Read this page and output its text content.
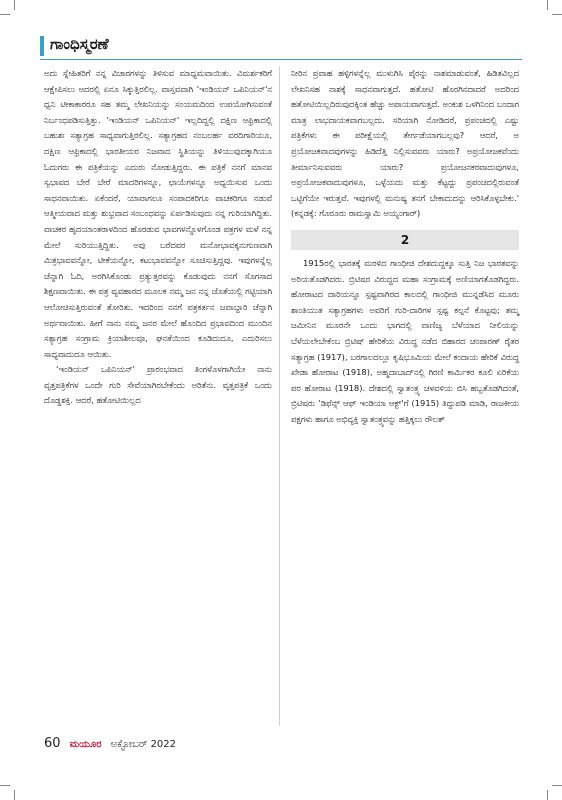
ಗಾಂಧಿಸ್ಮರಣೆ

ಅದು ಸ್ನೇಹಿತರಿಗೆ ನನ್ನ ವಿಚಾರಗಳನ್ನು ತಿಳಿಸುವ ಮಾಧ್ಯಮವಾಯಿತು. ವಿಮರ್ಶಕರಿಗೆ ಆಕ್ಷೇಪಿಸಲು ಅದರಲ್ಲಿ ಏನೂ ಸಿಕ್ಕುತ್ತಿರಲಿಲ್ಲ. ವಾಸ್ತವವಾಗಿ ‘ಇಂಡಿಯನ್ ಒಪಿನಿಯನ್'ನ ಧ್ವನಿ ಟೀಕಾಕಾರರೂ ಸಹ ತಮ್ಮ ಲೇಖನಿಯನ್ನು ಸಂಯಮದಿಂದ ಉಪಯೋಗಿಸುವಂತೆ ನಿರ್ಬಂಧಪಡಿಸುತ್ತಿತ್ತು. ‘ಇಂಡಿಯನ್ ಒಪಿನಿಯನ್' ಇಲ್ಲದಿದ್ದಲ್ಲಿ ದಕ್ಷಿಣ ಆಫ್ರಿಕಾದಲ್ಲಿ ಬಹುಶಃ ಸತ್ಯಾಗ್ರಹ ಸಾಧ್ಯವಾಗುತ್ತಿರಲಿಲ್ಲ. ಸತ್ಯಾಗ್ರಹದ ನಂಬಲರ್ಹ ವರದಿಗಾರಿಯೂ, ದಕ್ಷಿಣ ಆಫ್ರಿಕಾದಲ್ಲಿ ಭಾರತೀಯರ ನಿಜವಾದ ಸ್ಥಿತಿಯನ್ನು ತಿಳಿಯುವುದಕ್ಕಾಗಿಯೂ ಓದುಗರು ಈ ಪತ್ರಿಕೆಯನ್ನು ಎದುರು ನೋಡುತ್ತಿದ್ದರು. ಈ ಪತ್ರಿಕೆ ನನಗೆ ಮಾನವ ಸ್ವಭಾವದ ಬೇರೆ ಬೇರೆ ಮಾದರಿಗಳನ್ನೂ, ಛಾಯೆಗಳನ್ನೂ ಅಧ್ಯಯಿಸುವ ಒಂದು ಸಾಧನವಾಯಿತು. ಏಕೆಂದರೆ, ಯಾವಾಗಲೂ ಸಂಪಾದಕರಿಗೂ ವಾಚಕರಿಗೂ ನಡುವೆ ಆತ್ಮೀಯವಾದ ಮತ್ತು ಶುಭ್ರವಾದ ಸಂಬಂಧವನ್ನು ಏರ್ಪಡಿಸುವುದು ನನ್ನ ಗುರಿಯಾಗಿದ್ದಿತು. ವಾಚಕರ ಹೃದಯಾಂತರಾಳದಿಂದ ಹೊರಡುವ ಭಾವಗಳನ್ನೊಳಗೊಂಡ ಪತ್ರಗಳ ಮಳೆ ನನ್ನ ಮೇಲೆ ಸುರಿಯುತ್ತಿದ್ದಿತು. ಅವು ಬರೆದವರ ಮನೋಭಾವಕ್ಕನುಗುಣವಾಗಿ ಮಿತ್ರಭಾವವನ್ನೋ, ಟೀಕೆಯನ್ನೋ, ಕಟುಭಾವವನ್ನೋ ಸೂಚಿಸುತ್ತಿದ್ದವು. ಇವುಗಳನ್ನೆಲ್ಲ ಚೆನ್ನಾಗಿ ಓದಿ, ಅರಗಿಸಿಕೊಂಡು ಪ್ರತ್ಯುತ್ತರವನ್ನು ಕೊಡುವುದು ನನಗೆ ಸೊಗಸಾದ ಶಿಕ್ಷಣವಾಯಿತು. ಈ ಪತ್ರ ವ್ಯವಹಾರದ ಮೂಲಕ ನಮ್ಮ ಜನ ನನ್ನ ಜೊತೆಯಲ್ಲಿ ಗಟ್ಟಿಯಾಗಿ ಆಲೋಚಿಸುತ್ತಿರುವಂತೆ ತೋರಿತು. ಇದರಿಂದ ನನಗೆ ಪತ್ರಕರ್ತನ ಜವಾಬ್ದಾರಿ ಚೆನ್ನಾಗಿ ಅರ್ಥವಾಯಿತು. ಹೀಗೆ ನಾನು ನಮ್ಮ ಜನರ ಮೇಲೆ ಹೊಂದಿದ ಪ್ರಭಾವದಿಂದ ಮುಂದಿನ ಸತ್ಯಾಗ್ರಹ ಸಂಗ್ರಾಮ ಕ್ರಿಯಾಶೀಲವೂ, ಘನತೆಯಿಂದ ಕೂಡಿದುದೂ, ಎದುರಿಸಲು ಸಾಧ್ಯವಾದುದೂ ಆಯಿತು.

‘ಇಂಡಿಯನ್ ಒಪಿನಿಯನ್' ಪ್ರಾರಂಭವಾದ ತಿಂಗಳೊಳಗಾಗಿಯೇ ನಾನು ವೃತ್ತಪತ್ರಿಕೆಗಳ ಒಂದೇ ಗುರಿ ಸೇವೆಯಾಗಿರಬೇಕೆಂದು ಅರಿತೆನು. ವೃತ್ತಪತ್ರಿಕೆ ಒಂದು ದೊಡ್ಡಶಕ್ತಿ. ಆದರೆ, ಹತೋಟಿಯಿಲ್ಲದ

ನೀರಿನ ಪ್ರವಾಹ ಹಳ್ಳಿಗಳನ್ನೆಲ್ಲ ಮುಳುಗಿಸಿ ಪೈರನ್ನು ನಾಶಮಾಡುವಂತೆ, ಹಿಡಿತವಿಲ್ಲದ ಲೇಖನಿಸಹ ನಾಶಕ್ಕೆ ಸಾಧನವಾಗುತ್ತದೆ. ಹತೋಟಿ ಹೊರಗಿನದಾದರೆ ಅದರಿಂದ ಹತೋಟಿಯಿಲ್ಲದಿರುವುದಕ್ಕಿಂತ ಹೆಚ್ಚು ಅಪಾಯವಾಗುತ್ತದೆ. ಅಂಕುಶ ಒಳಗಿನಿಂದ ಬಂದಾಗ ಮಾತ್ರ ಲಾಭದಾಯಕವಾಗಬಲ್ಲದು. ಸರಿಯಾಗಿ ನೋಡಿದರೆ, ಪ್ರಪಂಚದಲ್ಲಿ ಎಷ್ಟು ಪತ್ರಿಕೆಗಳು ಈ ಪರೀಕ್ಷೆಯಲ್ಲಿ ತೇರ್ಗಡೆಯಾಗಬಲ್ಲವು? ಆದರೆ, ಅ ಪ್ರಯೋಜಕವಾದವುಗಳನ್ನು ಹಿಡಿದೆತ್ತಿ ನಿಲ್ಲಿಸುವವರು ಯಾರು? ಅಪ್ರಯೋಜಕವೆಂದು ತೀರ್ಮಾನಿಸುವವರು ಯಾರು? ಪ್ರಯೋಜನಕರವಾದುವುಗಳೂ, ಅಪ್ರಯೋಜಕವಾದುವುಗಳೂ, ಒಳ್ಳೆಯದು ಮತ್ತು ಕೆಟ್ಟದ್ದು ಪ್ರಪಂಚದಲ್ಲಿರುವಂತೆ ಒಟ್ಟಿಗೆಯೇ ಇರುತ್ತವೆ. ಇವುಗಳಲ್ಲಿ ಮನುಷ್ಯ ತನಗೆ ಬೇಕಾದುದನ್ನು ಆರಿಸಿಕೊಳ್ಳಬೇಕು.' (ಕನ್ನಡಕ್ಕೆ: ಗೊರೂರು ರಾಮಸ್ವಾಮಿ ಅಯ್ಯಂಗಾರ್)

2

1915ರಲ್ಲಿ ಭಾರತಕ್ಕೆ ಮರಳಿದ ಗಾಂಧೀಜಿ ದೇಶದುದ್ದಕ್ಕೂ ಸುತ್ತಿ ನಿಜ ಭಾರತವನ್ನು ಅರಿಯತೊಡಗಿದರು. ಬ್ರಿಟಿಷರ ವಿರುದ್ಧದ ಮಹಾ ಸಂಗ್ರಾಮಕ್ಕೆ ಅಣಿಯಾಗತೊಡಗಿದ್ದರು. ಹೋರಾಟದ ದಾರಿಯನ್ನೂ ಸ್ಪಷ್ಟವಾಗಿರದ ಕಾಲದಲ್ಲಿ ಗಾಂಧೀಜಿ ಮುನ್ನಡೆಸಿದ ಮೂರು ಶಾಂತಿಯುತ ಸತ್ಯಾಗ್ರಹಗಳು ಅವರಿಗೆ ಗುರಿ-ದಾರಿಗಳ ಸ್ಪಷ್ಟ ಕಲ್ಪನೆ ಕೊಟ್ಟವು; ತಮ್ಮ ಜಮೀನಿನ ಮೂರನೇ ಒಂದು ಭಾಗದಲ್ಲಿ ವಾಣಿಜ್ಯ ಬೆಳೆಯಾದ ನೀಲಿಯನ್ನು ಬೆಳೆಯಲೇಬೇಕೆಂಬ ಬ್ರಿಟಿಷ್ ಹೇರಿಕೆಯ ವಿರುದ್ಧ ನಡೆದ ಬಿಹಾರದ ಚಂಪಾರಣ್ ರೈತರ ಸತ್ಯಾಗ್ರಹ (1917), ಬರಗಾಲದಲ್ಲೂ ಕೃಷಿಭೂಮಿಯ ಮೇಲೆ ಕಂದಾಯ ಹೇರಿಕೆ ವಿರುದ್ಧ ಖೇಡಾ ಹೋರಾಟ (1918), ಅಹ್ಮದಾಬಾದ್‌ನಲ್ಲಿ ಗಿರಣಿ ಕಾರ್ಮಿಕರ ಕೂಲಿ ಏರಿಕೆಯ ಪರ ಹೋರಾಟ (1918). ದೇಶದಲ್ಲಿ ಸ್ವಾತಂತ್ರ್ಯ ಚಳವಳಿಯ ಬಿಸಿ ಹಬ್ಬತೊಡಗಿದಂತೆ, ಬ್ರಿಟಿಷರು ‘ಡಿಫೆನ್ಸ್ ಆಫ್ ಇಂಡಿಯಾ ಆಕ್ಟ್'ಗೆ (1915) ತಿದ್ದುಪಡಿ ಮಾಡಿ, ರಾಜಕೀಯ ಪಕ್ಷಗಳು ಹಾಗೂ ಅಭಿವ್ಯಕ್ತಿ ಸ್ವಾತಂತ್ರ್ಯವನ್ನು ಹತ್ತಿಕ್ಕಲು ರೌಲತ್

60 ಮಯೂರ ಅಕ್ಟೋಬರ್ 2022
